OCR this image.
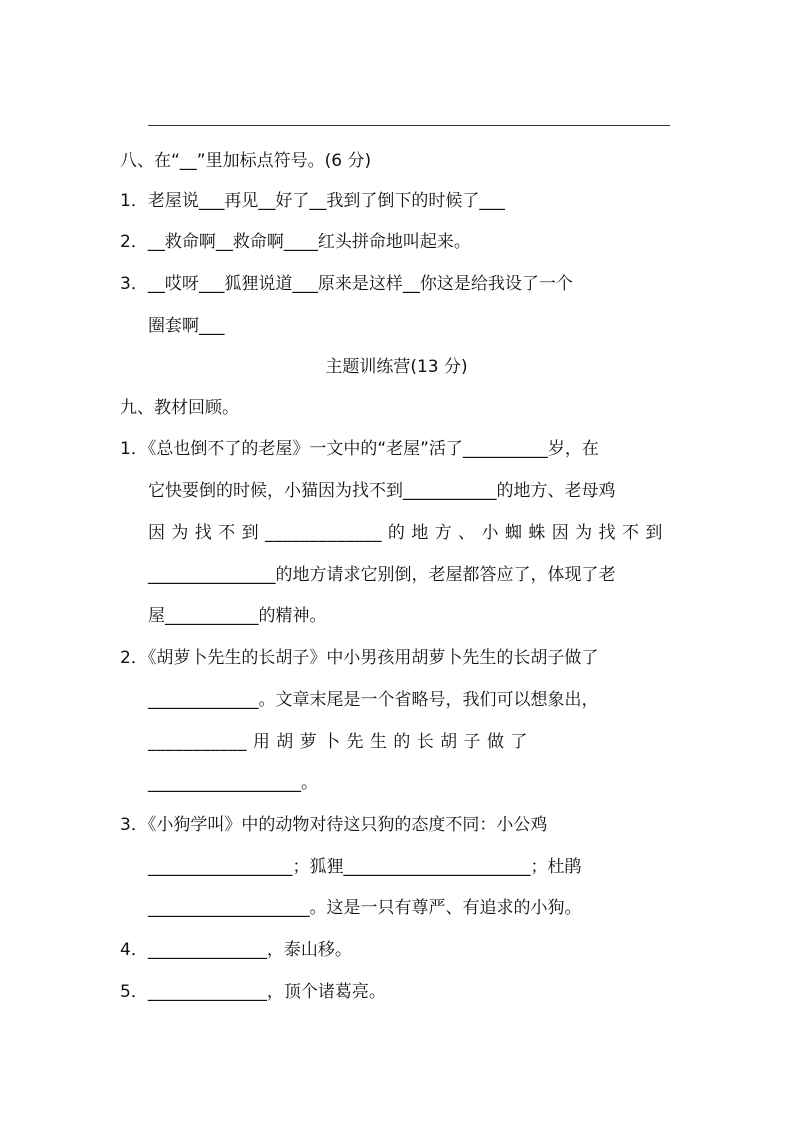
八、在“__”里加标点符号。(6 分)
1．老屋说___再见__好了__我到了倒下的时候了___
2．__救命啊__救命啊____红头拼命地叫起来。
3．__哎呀___狐狸说道___原来是这样__你这是给我设了一个
圈套啊___
主题训练营(13 分)
九、教材回顾。
1．《总也倒不了的老屋》一文中的“老屋”活了__________岁，在
它快要倒的时候，小猫因为找不到___________的地方、老母鸡
因 为 找 不 到 _____________ 的 地 方 、 小 蜘 蛛 因 为 找 不 到
_______________的地方请求它别倒，老屋都答应了，体现了老
屋___________的精神。
2．《胡萝卜先生的长胡子》中小男孩用胡萝卜先生的长胡子做了
_____________。文章末尾是一个省略号，我们可以想象出，
___________ 用 胡 萝 卜 先 生 的 长 胡 子 做 了
__________________。
3．《小狗学叫》中的动物对待这只狗的态度不同：小公鸡
_________________；狐狸______________________；杜鹃
___________________。这是一只有尊严、有追求的小狗。
4．______________，泰山移。
5．______________，顶个诸葛亮。
